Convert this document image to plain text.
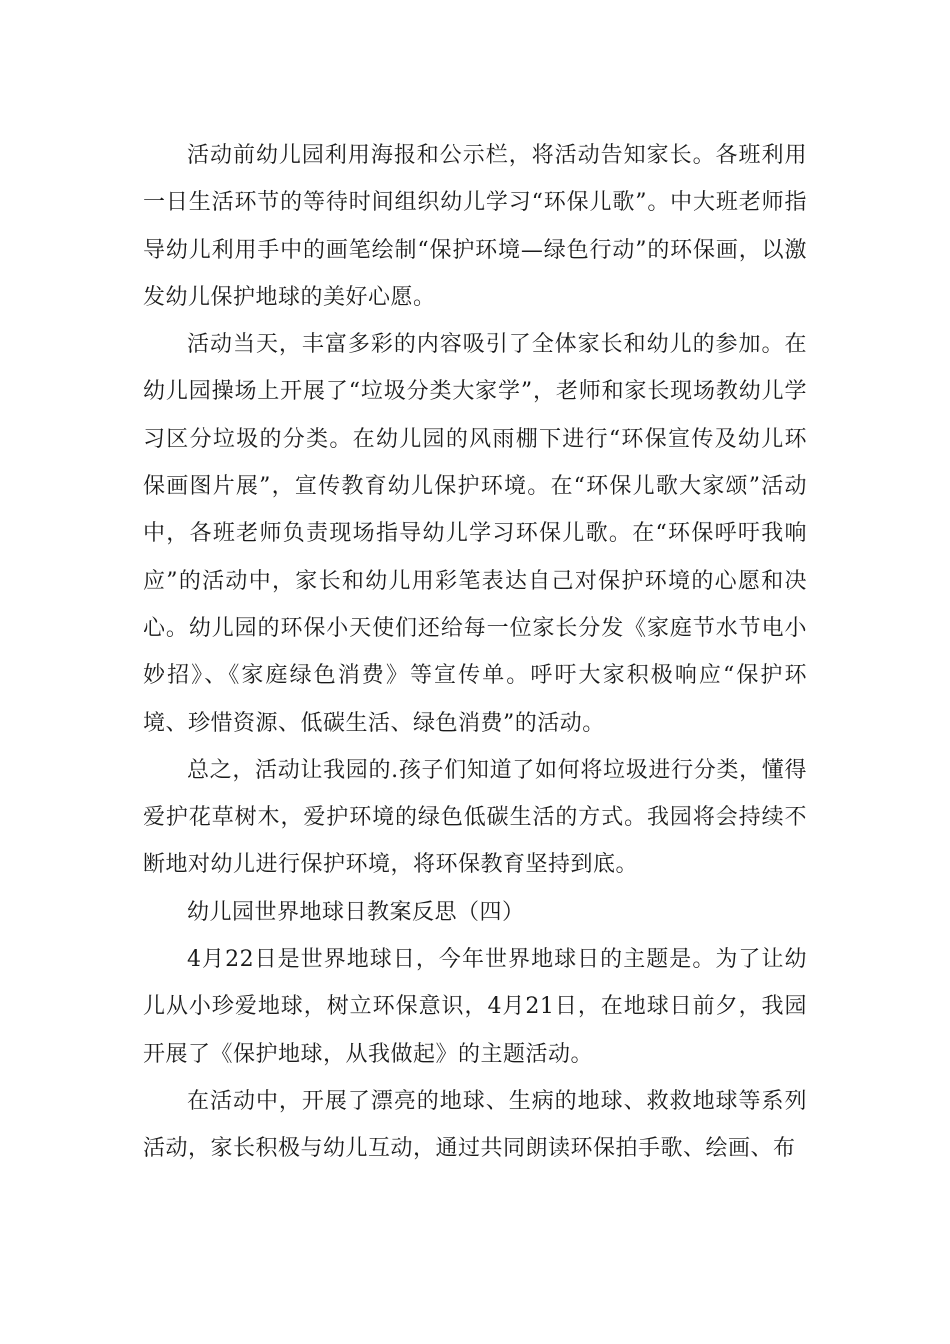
活动前幼儿园利用海报和公示栏，将活动告知家长。各班利用一日生活环节的等待时间组织幼儿学习“环保儿歌”。中大班老师指导幼儿利用手中的画笔绘制“保护环境—绿色行动”的环保画，以激发幼儿保护地球的美好心愿。

活动当天，丰富多彩的内容吸引了全体家长和幼儿的参加。在幼儿园操场上开展了“垃圾分类大家学”，老师和家长现场教幼儿学习区分垃圾的分类。在幼儿园的风雨棚下进行“环保宣传及幼儿环保画图片展”，宣传教育幼儿保护环境。在“环保儿歌大家颂”活动中，各班老师负责现场指导幼儿学习环保儿歌。在“环保呼吁我响应”的活动中，家长和幼儿用彩笔表达自己对保护环境的心愿和决心。幼儿园的环保小天使们还给每一位家长分发《家庭节水节电小妙招》、《家庭绿色消费》等宣传单。呼吁大家积极响应“保护环境、珍惜资源、低碳生活、绿色消费”的活动。

总之，活动让我园的.孩子们知道了如何将垃圾进行分类，懂得爱护花草树木，爱护环境的绿色低碳生活的方式。我园将会持续不断地对幼儿进行保护环境，将环保教育坚持到底。

幼儿园世界地球日教案反思（四）

4月22日是世界地球日，今年世界地球日的主题是。为了让幼儿从小珍爱地球，树立环保意识，4月21日，在地球日前夕，我园开展了《保护地球，从我做起》的主题活动。

在活动中，开展了漂亮的地球、生病的地球、救救地球等系列活动，家长积极与幼儿互动，通过共同朗读环保拍手歌、绘画、布
